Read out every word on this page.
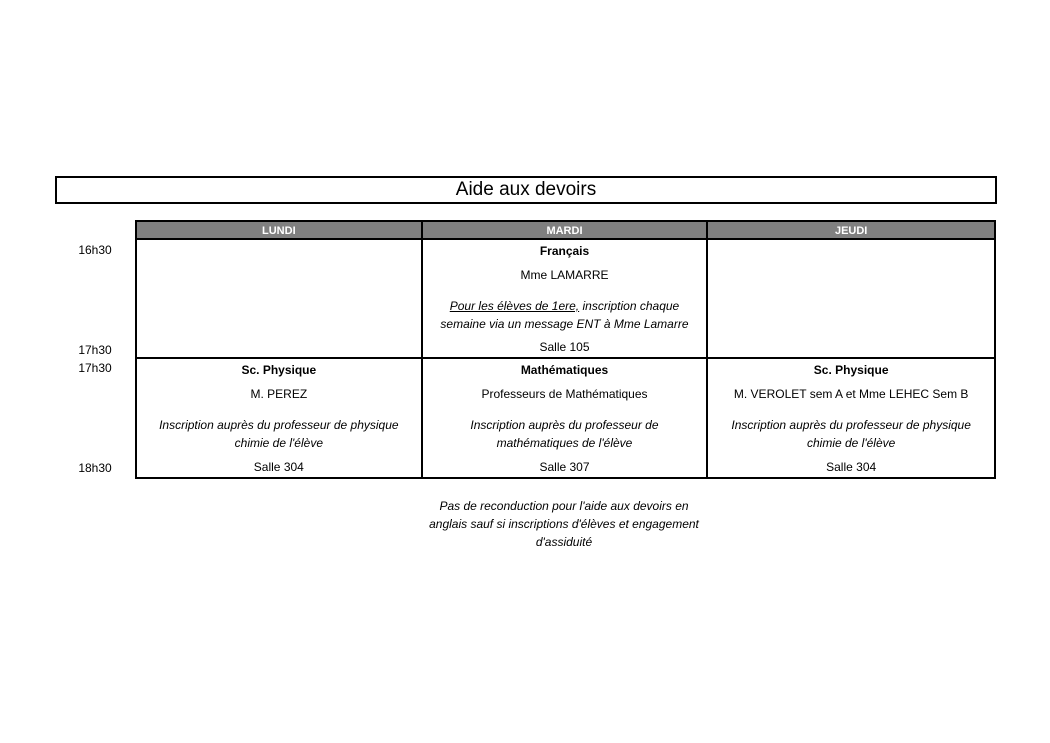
Aide aux devoirs
16h30
17h30
17h30
18h30
LUNDI	MARDI	JEUDI
Français
Mme LAMARRE
Pour les élèves de 1ere, inscription chaque semaine via un message ENT à Mme Lamarre
Salle 105
Sc. Physique
M. PEREZ
Inscription auprès du professeur de physique chimie de l'élève
Salle 304
Mathématiques
Professeurs de Mathématiques
Inscription auprès du professeur de mathématiques de l'élève
Salle 307
Sc. Physique
M. VEROLET sem A et Mme LEHEC Sem B
Inscription auprès du professeur de physique chimie de l'élève
Salle 304
Pas de reconduction pour l'aide aux devoirs en anglais sauf si inscriptions d'élèves et engagement d'assiduité
